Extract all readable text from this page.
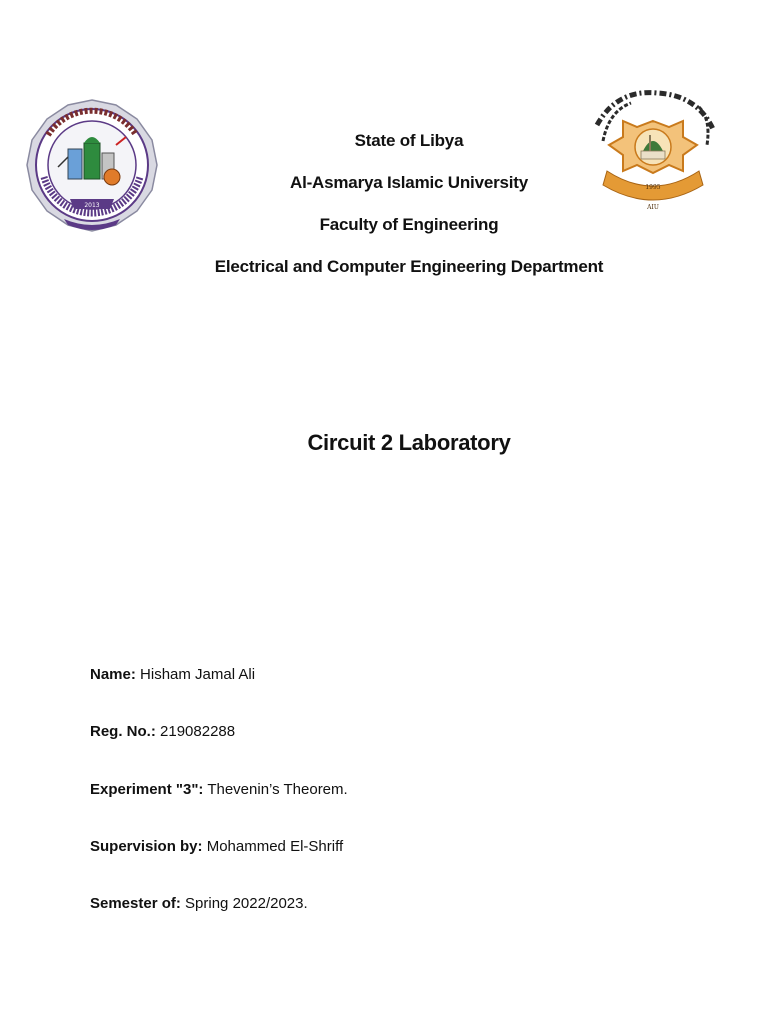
2013
1995
AIU
State of Libya
Al-Asmarya Islamic University
Faculty of Engineering
Electrical and Computer Engineering Department
Circuit 2 Laboratory
Name: Hisham Jamal Ali
Reg. No.: 219082288
Experiment "3": Thevenin’s Theorem.
Supervision by: Mohammed El-Shriff
Semester of: Spring 2022/2023.
